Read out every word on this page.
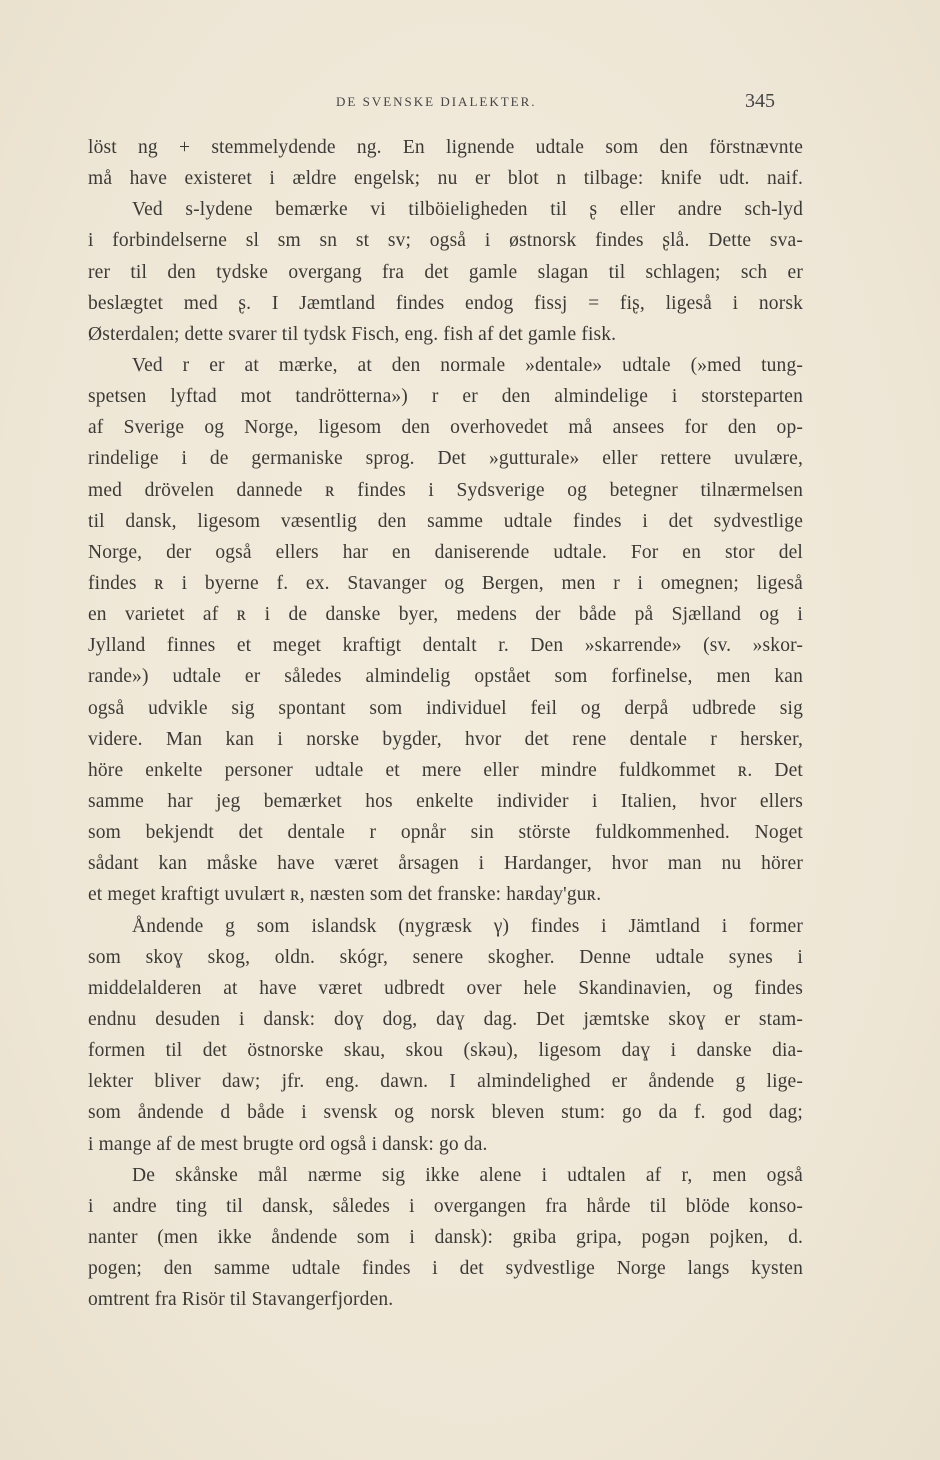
DE SVENSKE DIALEKTER.	345
löst ng + stemmelydende ng. En lignende udtale som den förstnævnte
må have existeret i ældre engelsk; nu er blot n tilbage: knife udt. naif.
Ved s-lydene bemærke vi tilböieligheden til ʂ eller andre sch-lyd
i forbindelserne sl sm sn st sv; også i østnorsk findes ʂlå. Dette sva-
rer til den tydske overgang fra det gamle slagan til schlagen; sch er
beslægtet med ʂ. I Jæmtland findes endog fissj = fiʂ, ligeså i norsk
Østerdalen; dette svarer til tydsk Fisch, eng. fish af det gamle fisk.
Ved r er at mærke, at den normale »dentale» udtale (»med tung-
spetsen lyftad mot tandrötterna») r er den almindelige i storsteparten
af Sverige og Norge, ligesom den overhovedet må ansees for den op-
rindelige i de germaniske sprog. Det »gutturale» eller rettere uvulære,
med drövelen dannede ʀ findes i Sydsverige og betegner tilnærmelsen
til dansk, ligesom væsentlig den samme udtale findes i det sydvestlige
Norge, der også ellers har en daniserende udtale. For en stor del
findes ʀ i byerne f. ex. Stavanger og Bergen, men r i omegnen; ligeså
en varietet af ʀ i de danske byer, medens der både på Sjælland og i
Jylland finnes et meget kraftigt dentalt r. Den »skarrende» (sv. »skor-
rande») udtale er således almindelig opstået som forfinelse, men kan
også udvikle sig spontant som individuel feil og derpå udbrede sig
videre. Man kan i norske bygder, hvor det rene dentale r hersker,
höre enkelte personer udtale et mere eller mindre fuldkommet ʀ. Det
samme har jeg bemærket hos enkelte individer i Italien, hvor ellers
som bekjendt det dentale r opnår sin störste fuldkommenhed. Noget
sådant kan måske have været årsagen i Hardanger, hvor man nu hörer
et meget kraftigt uvulært ʀ, næsten som det franske: haʀday'guʀ.
Åndende g som islandsk (nygræsk γ) findes i Jämtland i former
som skoɣ skog, oldn. skógr, senere skogher. Denne udtale synes i
middelalderen at have været udbredt over hele Skandinavien, og findes
endnu desuden i dansk: doɣ dog, daɣ dag. Det jæmtske skoɣ er stam-
formen til det östnorske skau, skou (skəu), ligesom daɣ i danske dia-
lekter bliver daw; jfr. eng. dawn. I almindelighed er åndende g lige-
som åndende d både i svensk og norsk bleven stum: go da f. god dag;
i mange af de mest brugte ord også i dansk: go da.
De skånske mål nærme sig ikke alene i udtalen af r, men også
i andre ting til dansk, således i overgangen fra hårde til blöde konso-
nanter (men ikke åndende som i dansk): gʀiba gripa, pogən pojken, d.
pogen; den samme udtale findes i det sydvestlige Norge langs kysten
omtrent fra Risör til Stavangerfjorden.
